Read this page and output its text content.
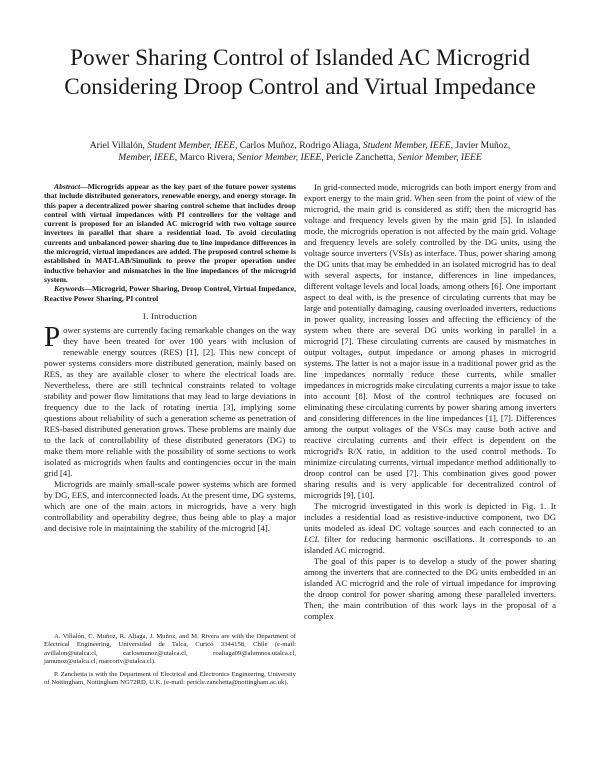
Power Sharing Control of Islanded AC Microgrid
Considering Droop Control and Virtual Impedance
Ariel Villalón, Student Member, IEEE, Carlos Muñoz, Rodrigo Aliaga, Student Member, IEEE, Javier Muñoz,
Member, IEEE, Marco Rivera, Senior Member, IEEE, Pericle Zanchetta, Senior Member, IEEE

Abstract—Microgrids appear as the key part of the future power systems that include distributed generators, renewable energy, and energy storage. In this paper a decentralized power sharing control scheme that includes droop control with virtual impedances with PI controllers for the voltage and current is proposed for an islanded AC microgrid with two voltage source inverters in parallel that share a residential load. To avoid circulating currents and unbalanced power sharing due to line impedance differences in the microgrid, virtual impedances are added. The proposed control scheme is established in MAT-LAB/Simulink to prove the proper operation under inductive behavior and mismatches in the line impedances of the microgrid system.

Keywords—Microgrid, Power Sharing, Droop Control, Virtual Impedance, Reactive Power Sharing, PI control

I. Introduction

Power systems are currently facing remarkable changes on the way they have been treated for over 100 years with inclusion of renewable energy sources (RES) [1], [2]. This new concept of power systems considers more distributed generation, mainly based on RES, as they are available closer to where the electrical loads are. Nevertheless, there are still technical constraints related to voltage stability and power flow limitations that may lead to large deviations in frequency due to the lack of rotating inertia [3], implying some questions about reliability of such a generation scheme as penetration of RES-based distributed generation grows. These problems are mainly due to the lack of controllability of these distributed generators (DG) to make them more reliable with the possibility of some sections to work isolated as microgrids when faults and contingencies occur in the main grid [4].

Microgrids are mainly small-scale power systems which are formed by DG, EES, and interconnected loads. At the present time, DG systems, which are one of the main actors in microgrids, have a very high controllability and operability degree, thus being able to play a major and decisive role in maintaining the stability of the microgrid [4].

A. Villalón, C. Muñoz, R. Aliaga, J. Muñoz, and M. Rivera are with the Department of Electrical Engineering, Universidad de Talca, Curicó 3344158, Chile (e-mail: avillalon@utalca.cl, carlosmunoz@utalca.cl, roaliaga09@alumnos.utalca.cl, jamunoz@utalca.cl, marcoriv@utalca.cl).

P. Zanchetta is with the Department of Electrical and Electronics Engineering, University of Nottingham, Nottingham NG72RD, U.K. (e-mail: pericle.zanchetta@nottingham.ac.uk).

In grid-connected mode, microgrids can both import energy from and export energy to the main grid. When seen from the point of view of the microgrid, the main grid is considered as stiff; then the microgrid has voltage and frequency levels given by the main grid [5]. In islanded mode, the microgrids operation is not affected by the main grid. Voltage and frequency levels are solely controlled by the DG units, using the voltage source inverters (VSIs) as interface. Thus, power sharing among the DG units that may be embedded in an isolated microgrid has to deal with several aspects, for instance, differences in line impedances, different voltage levels and local loads, among others [6]. One important aspect to deal with, is the presence of circulating currents that may be large and potentially damaging, causing overloaded inverters, reductions in power quality, increasing losses and affecting the efficiency of the system when there are several DG units working in parallel in a microgrid [7]. These circulating currents are caused by mismatches in output voltages, output impedance or among phases in microgrid systems. The latter is not a major issue in a traditional power grid as the line impedances normally reduce these currents, while smaller impedances in microgrids make circulating currents a major issue to take into account [8]. Most of the control techniques are focused on eliminating these circulating currents by power sharing among inverters and considering differences in the line impedances [1], [7]. Differences among the output voltages of the VSCs may cause both active and reactive circulating currents and their effect is dependent on the microgrid's R/X ratio, in addition to the used control methods. To minimize circulating currents, virtual impedance method additionally to droop control can be used [7]. This combination gives good power sharing results and is very applicable for decentralized control of microgrids [9], [10].

The microgrid investigated in this work is depicted in Fig. 1. It includes a residential load as resistive-inductive component, two DG units modeled as ideal DC voltage sources and each connected to an LCL filter for reducing harmonic oscillations. It corresponds to an islanded AC microgrid.

The goal of this paper is to develop a study of the power sharing among the inverters that are connected to the DG units embedded in an islanded AC microgrid and the role of virtual impedance for improving the droop control for power sharing among these paralleled inverters. Then, the main contribution of this work lays in the proposal of a complex
